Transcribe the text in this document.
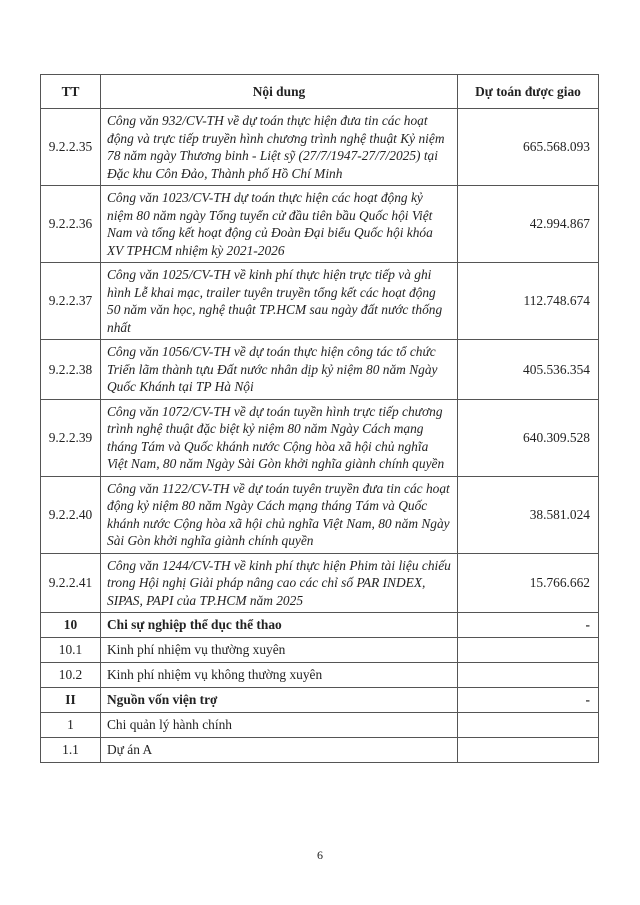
TT	Nội dung	Dự toán được giao
9.2.2.35	Công văn 932/CV-TH về dự toán thực hiện đưa tin các hoạt động và trực tiếp truyền hình chương trình nghệ thuật Kỷ niệm 78 năm ngày Thương binh - Liệt sỹ (27/7/1947-27/7/2025) tại Đặc khu Côn Đảo, Thành phố Hồ Chí Minh	665.568.093
9.2.2.36	Công văn 1023/CV-TH dự toán thực hiện các hoạt động kỷ niệm 80 năm ngày Tổng tuyển cử đầu tiên bầu Quốc hội Việt Nam và tổng kết hoạt động củ Đoàn Đại biểu Quốc hội khóa XV TPHCM nhiệm kỳ 2021-2026	42.994.867
9.2.2.37	Công văn 1025/CV-TH về kinh phí thực hiện trực tiếp và ghi hình Lễ khai mạc, trailer tuyên truyền tổng kết các hoạt động 50 năm văn học, nghệ thuật TP.HCM sau ngày đất nước thống nhất	112.748.674
9.2.2.38	Công văn 1056/CV-TH về dự toán thực hiện công tác tổ chức Triển lãm thành tựu Đất nước nhân dịp kỷ niệm 80 năm Ngày Quốc Khánh tại TP Hà Nội	405.536.354
9.2.2.39	Công văn 1072/CV-TH về dự toán tuyền hình trực tiếp chương trình nghệ thuật đặc biệt kỷ niệm 80 năm Ngày Cách mạng tháng Tám và Quốc khánh nước Cộng hòa xã hội chủ nghĩa Việt Nam, 80 năm Ngày Sài Gòn khởi nghĩa giành chính quyền	640.309.528
9.2.2.40	Công văn 1122/CV-TH về dự toán tuyên truyền đưa tin các hoạt động kỷ niệm 80 năm Ngày Cách mạng tháng Tám và Quốc khánh nước Cộng hòa xã hội chủ nghĩa Việt Nam, 80 năm Ngày Sài Gòn khởi nghĩa giành chính quyền	38.581.024
9.2.2.41	Công văn 1244/CV-TH về kinh phí thực hiện Phim tài liệu chiếu trong Hội nghị Giải pháp nâng cao các chỉ số PAR INDEX, SIPAS, PAPI của TP.HCM năm 2025	15.766.662
10	Chi sự nghiệp thể dục thể thao	-
10.1	Kinh phí nhiệm vụ thường xuyên	
10.2	Kinh phí nhiệm vụ không thường xuyên	
II	Nguồn vốn viện trợ	-
1	Chi quản lý hành chính	
1.1	Dự án A	
6
